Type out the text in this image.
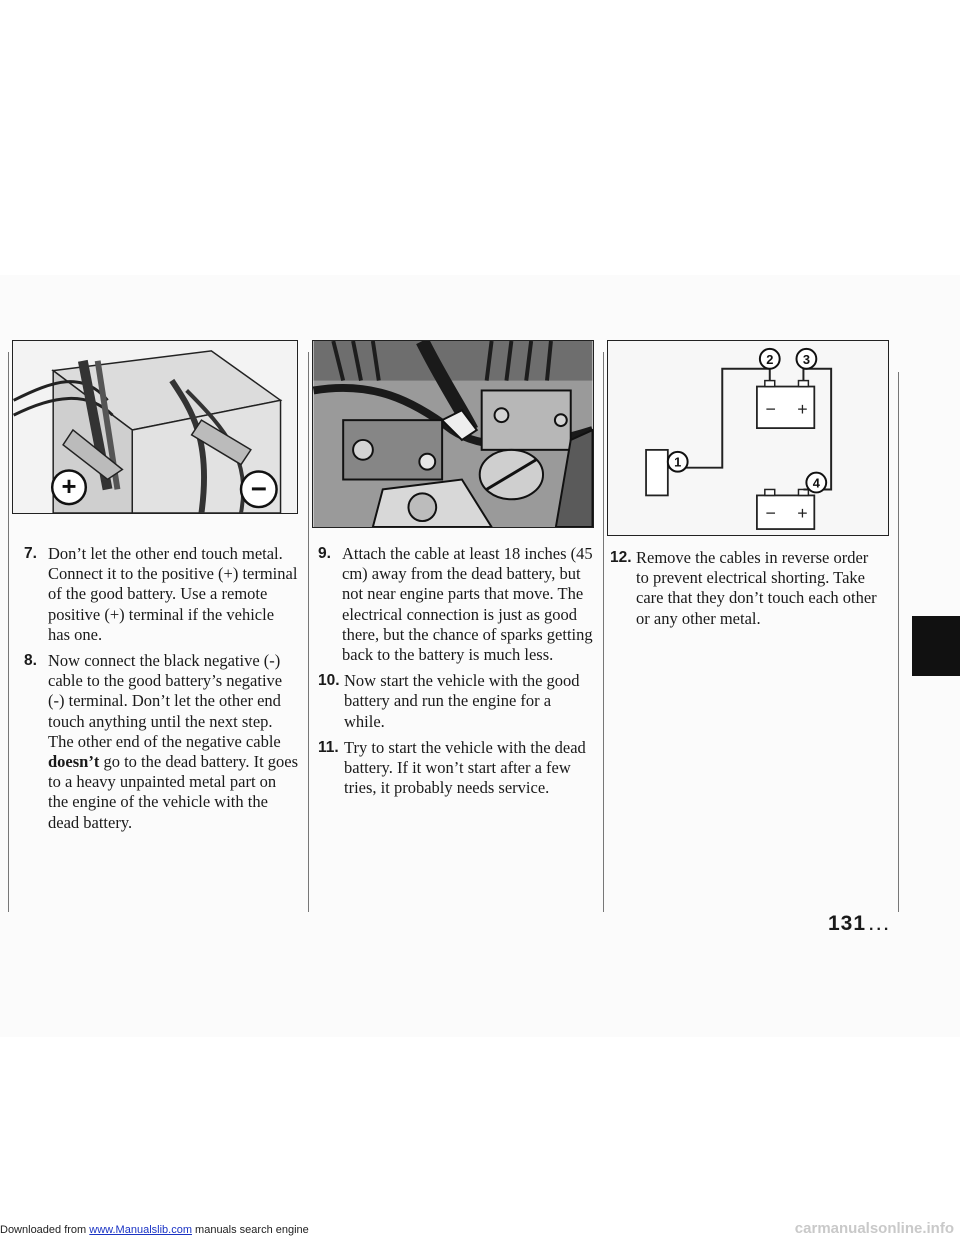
+	−
− +
− +
1
2 3
4

7. Don’t let the other end touch metal. Connect it to the positive (+) terminal of the good battery. Use a remote positive (+) terminal if the vehicle has one.

8. Now connect the black negative (-) cable to the good battery’s negative (-) terminal. Don’t let the other end touch anything until the next step. The other end of the negative cable doesn’t go to the dead battery. It goes to a heavy unpainted metal part on the engine of the vehicle with the dead battery.

9. Attach the cable at least 18 inches (45 cm) away from the dead battery, but not near engine parts that move. The electrical connection is just as good there, but the chance of sparks getting back to the battery is much less.

10. Now start the vehicle with the good battery and run the engine for a while.

11. Try to start the vehicle with the dead battery. If it won’t start after a few tries, it probably needs service.

12. Remove the cables in reverse order to prevent electrical shorting. Take care that they don’t touch each other or any other metal.

131 ...
Downloaded from www.Manualslib.com manuals search engine	carmanualsonline.info
